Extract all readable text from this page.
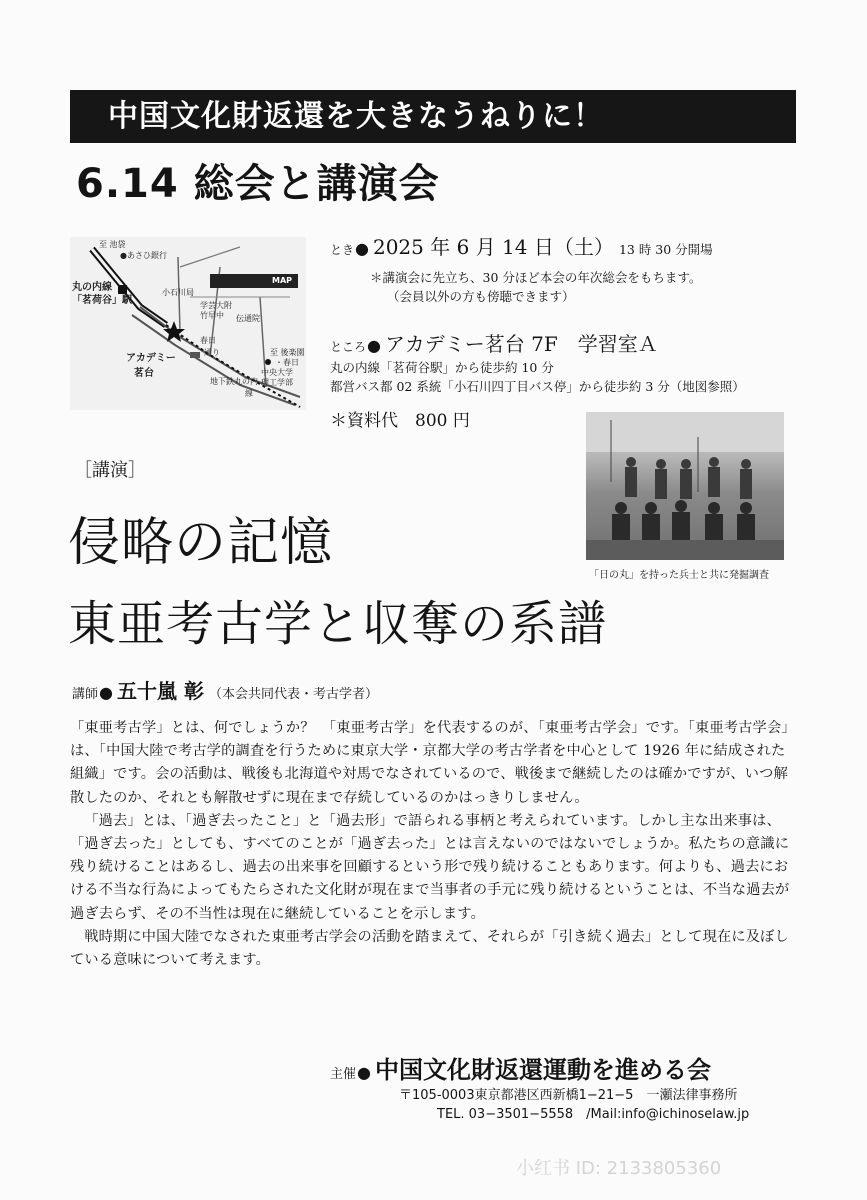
中国文化財返還を大きなうねりに！
6.14 総会と講演会
MAP
至 池袋
●あさひ銀行
丸の内線
「茗荷谷」駅
小石川局
学芸大附
竹早中 伝通院
春日
通り	至 後楽園
・春日
アカデミー
茗台	中央大学
理工学部
地下鉄丸の内
線
とき● 2025 年 6 月 14 日（土） 13 時 30 分開場
＊講演会に先立ち、30 分ほど本会の年次総会をもちます。
（会員以外の方も傍聴できます）
ところ● アカデミー茗台 7F　学習室Ａ
丸の内線「茗荷谷駅」から徒歩約 10 分
都営バス都 02 系統「小石川四丁目バス停」から徒歩約 3 分（地図参照）
＊資料代　800 円
「日の丸」を持った兵士と共に発掘調査
［講演］
侵略の記憶
東亜考古学と収奪の系譜
講師● 五十嵐 彰 （本会共同代表・考古学者）

「東亜考古学」とは、何でしょうか？　「東亜考古学」を代表するのが、「東亜考古学会」です。「東亜考古学会」は、「中国大陸で考古学的調査を行うために東京大学・京都大学の考古学者を中心として 1926 年に結成された組織」です。会の活動は、戦後も北海道や対馬でなされているので、戦後まで継続したのは確かですが、いつ解散したのか、それとも解散せずに現在まで存続しているのかはっきりしません。

「過去」とは、「過ぎ去ったこと」と「過去形」で語られる事柄と考えられています。しかし主な出来事は、「過ぎ去った」としても、すべてのことが「過ぎ去った」とは言えないのではないでしょうか。私たちの意識に残り続けることはあるし、過去の出来事を回顧するという形で残り続けることもあります。何よりも、過去における不当な行為によってもたらされた文化財が現在まで当事者の手元に残り続けるということは、不当な過去が過ぎ去らず、その不当性は現在に継続していることを示します。

戦時期に中国大陸でなされた東亜考古学会の活動を踏まえて、それらが「引き続く過去」として現在に及ぼしている意味について考えます。

主催● 中国文化財返還運動を進める会
〒105-0003東京都港区西新橋1−21−5　一瀬法律事務所
TEL. 03−3501−5558　/Mail:info@ichinoselaw.jp
小红书 ID: 2133805360
